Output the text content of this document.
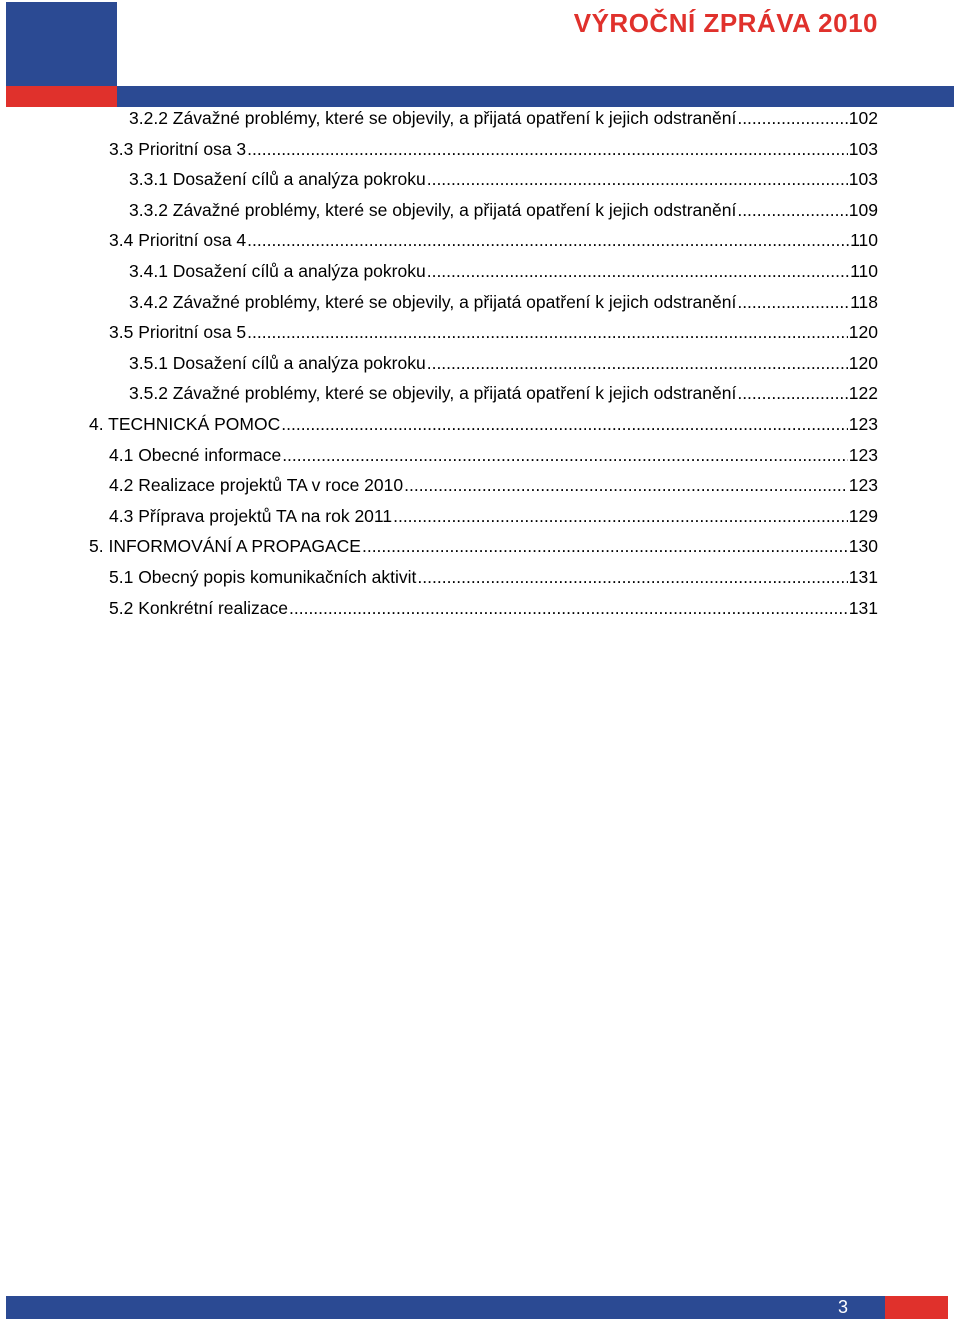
VÝROČNÍ ZPRÁVA 2010
3.2.2 Závažné problémy, které se objevily, a přijatá opatření k jejich odstranění .....	102
3.3 Prioritní osa 3 .....	103
3.3.1 Dosažení cílů a analýza pokroku .....	103
3.3.2 Závažné problémy, které se objevily, a přijatá opatření k jejich odstranění .....	109
3.4 Prioritní osa 4 .....	110
3.4.1 Dosažení cílů a analýza pokroku .....	110
3.4.2 Závažné problémy, které se objevily, a přijatá opatření k jejich odstranění .....	118
3.5 Prioritní osa 5 .....	120
3.5.1 Dosažení cílů a analýza pokroku .....	120
3.5.2 Závažné problémy, které se objevily, a přijatá opatření k jejich odstranění .....	122
4. TECHNICKÁ POMOC .....	123
4.1 Obecné informace .....	123
4.2 Realizace projektů TA v roce 2010 .....	123
4.3 Příprava projektů TA na rok 2011 .....	129
5. INFORMOVÁNÍ A PROPAGACE .....	130
5.1 Obecný popis komunikačních aktivit .....	131
5.2 Konkrétní realizace .....	131
3
